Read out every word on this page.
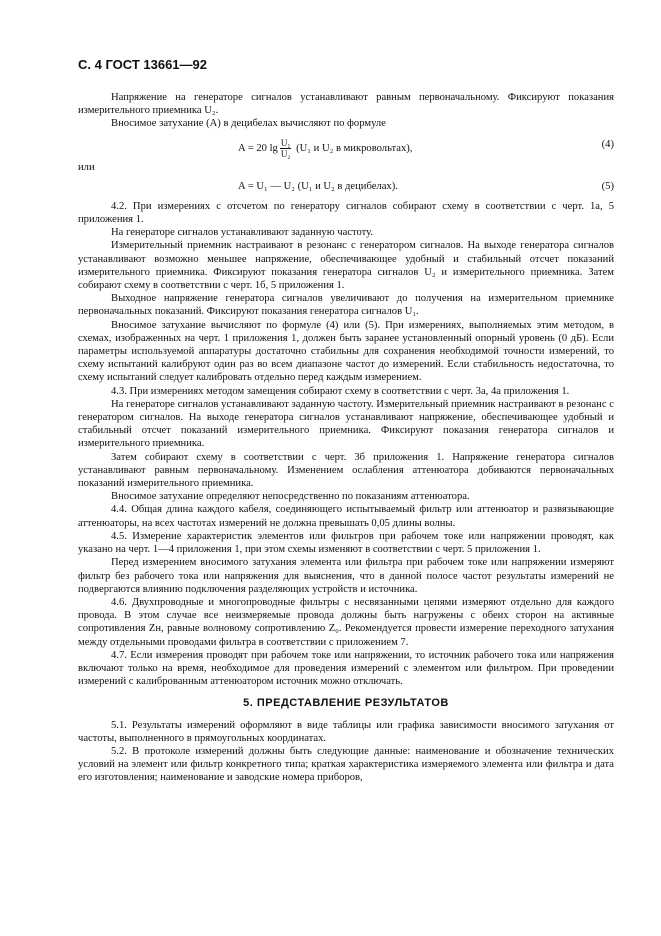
С. 4 ГОСТ 13661—92

Напряжение на генераторе сигналов устанавливают равным первоначальному. Фиксируют показания измерительного приемника U₂.

Вносимое затухание (A) в децибелах вычисляют по формуле

A = 20 $\lg \frac{\text{U₁}}{\text{U₂}} (U_1$ и U₂ в микровольтах),	(4)

или

A = U₁ — U₂ (U₁ и U₂ в децибелах).	(5)

4.2. При измерениях с отсчетом по генератору сигналов собирают схему в соответствии с черт. 1а, 5 приложения 1.

На генераторе сигналов устанавливают заданную частоту.

Измерительный приемник настраивают в резонанс с генератором сигналов. На выходе генератора сигналов устанавливают возможно меньшее напряжение, обеспечивающее удобный и стабильный отсчет показаний измерительного приемника. Фиксируют показания генератора сигналов U₂ и измерительного приемника. Затем собирают схему в соответствии с черт. 1б, 5 приложения 1.

Выходное напряжение генератора сигналов увеличивают до получения на измерительном приемнике первоначальных показаний. Фиксируют показания генератора сигналов U₁.

Вносимое затухание вычисляют по формуле (4) или (5). При измерениях, выполняемых этим методом, в схемах, изображенных на черт. 1 приложения 1, должен быть заранее установленный опорный уровень (0 дБ). Если параметры используемой аппаратуры достаточно стабильны для сохранения необходимой точности измерений, то схему испытаний калибруют один раз во всем диапазоне частот до измерений. Если стабильность недостаточна, то схему испытаний следует калибровать отдельно перед каждым измерением.

4.3. При измерениях методом замещения собирают схему в соответствии с черт. 3а, 4а приложения 1.

На генераторе сигналов устанавливают заданную частоту. Измерительный приемник настраивают в резонанс с генератором сигналов. На выходе генератора сигналов устанавливают напряжение, обеспечивающее удобный и стабильный отсчет показаний измерительного приемника. Фиксируют показания генератора сигналов и измерительного приемника.

Затем собирают схему в соответствии с черт. 3б приложения 1. Напряжение генератора сигналов устанавливают равным первоначальному. Изменением ослабления аттенюатора добиваются первоначальных показаний измерительного приемника.

Вносимое затухание определяют непосредственно по показаниям аттенюатора.

4.4. Общая длина каждого кабеля, соединяющего испытываемый фильтр или аттенюатор и развязывающие аттенюаторы, на всех частотах измерений не должна превышать 0,05 длины волны.

4.5. Измерение характеристик элементов или фильтров при рабочем токе или напряжении проводят, как указано на черт. 1—4 приложения 1, при этом схемы изменяют в соответствии с черт. 5 приложения 1.

Перед измерением вносимого затухания элемента или фильтра при рабочем токе или напряжении измеряют фильтр без рабочего тока или напряжения для выяснения, что в данной полосе частот результаты измерений не подвергаются влиянию подключения разделяющих устройств и источника.

4.6. Двухпроводные и многопроводные фильтры с несвязанными цепями измеряют отдельно для каждого провода. В этом случае все неизмеряемые провода должны быть нагружены с обеих сторон на активные сопротивления Zн, равные волновому сопротивлению Z₀. Рекомендуется провести измерение переходного затухания между отдельными проводами фильтра в соответствии с приложением 7.

4.7. Если измерения проводят при рабочем токе или напряжении, то источник рабочего тока или напряжения включают только на время, необходимое для проведения измерений с элементом или фильтром. При проведении измерений с калиброванным аттенюатором источник можно отключать.

5. ПРЕДСТАВЛЕНИЕ РЕЗУЛЬТАТОВ

5.1. Результаты измерений оформляют в виде таблицы или графика зависимости вносимого затухания от частоты, выполненного в прямоугольных координатах.

5.2. В протоколе измерений должны быть следующие данные: наименование и обозначение технических условий на элемент или фильтр конкретного типа; краткая характеристика измеряемого элемента или фильтра и дата его изготовления; наименование и заводские номера приборов,
